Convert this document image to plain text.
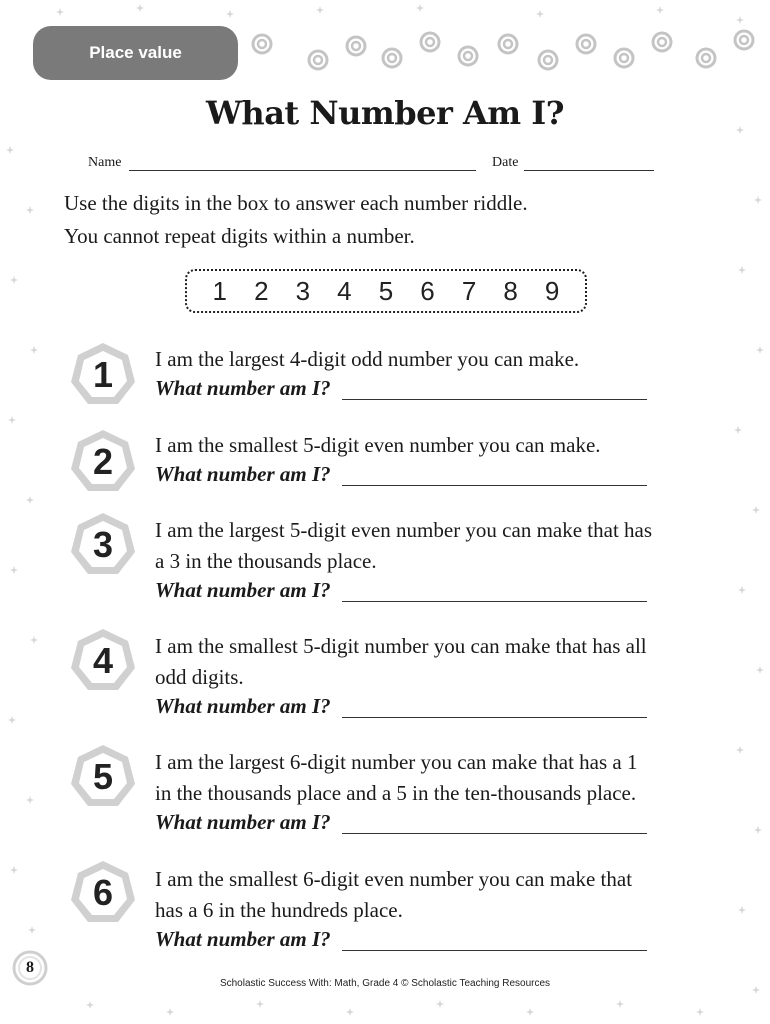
Place value
What Number Am I?
Name	Date
Use the digits in the box to answer each number riddle.
You cannot repeat digits within a number.
1 2 3 4 5 6 7 8 9
1	I am the largest 4-digit odd number you can make.
What number am I?
2	I am the smallest 5-digit even number you can make.
What number am I?
3	I am the largest 5-digit even number you can make that has
a 3 in the thousands place.
What number am I?
4	I am the smallest 5-digit number you can make that has all
odd digits.
What number am I?
5	I am the largest 6-digit number you can make that has a 1
in the thousands place and a 5 in the ten-thousands place.
What number am I?
6	I am the smallest 6-digit even number you can make that
has a 6 in the hundreds place.
What number am I?
8
Scholastic Success With: Math, Grade 4 © Scholastic Teaching Resources
